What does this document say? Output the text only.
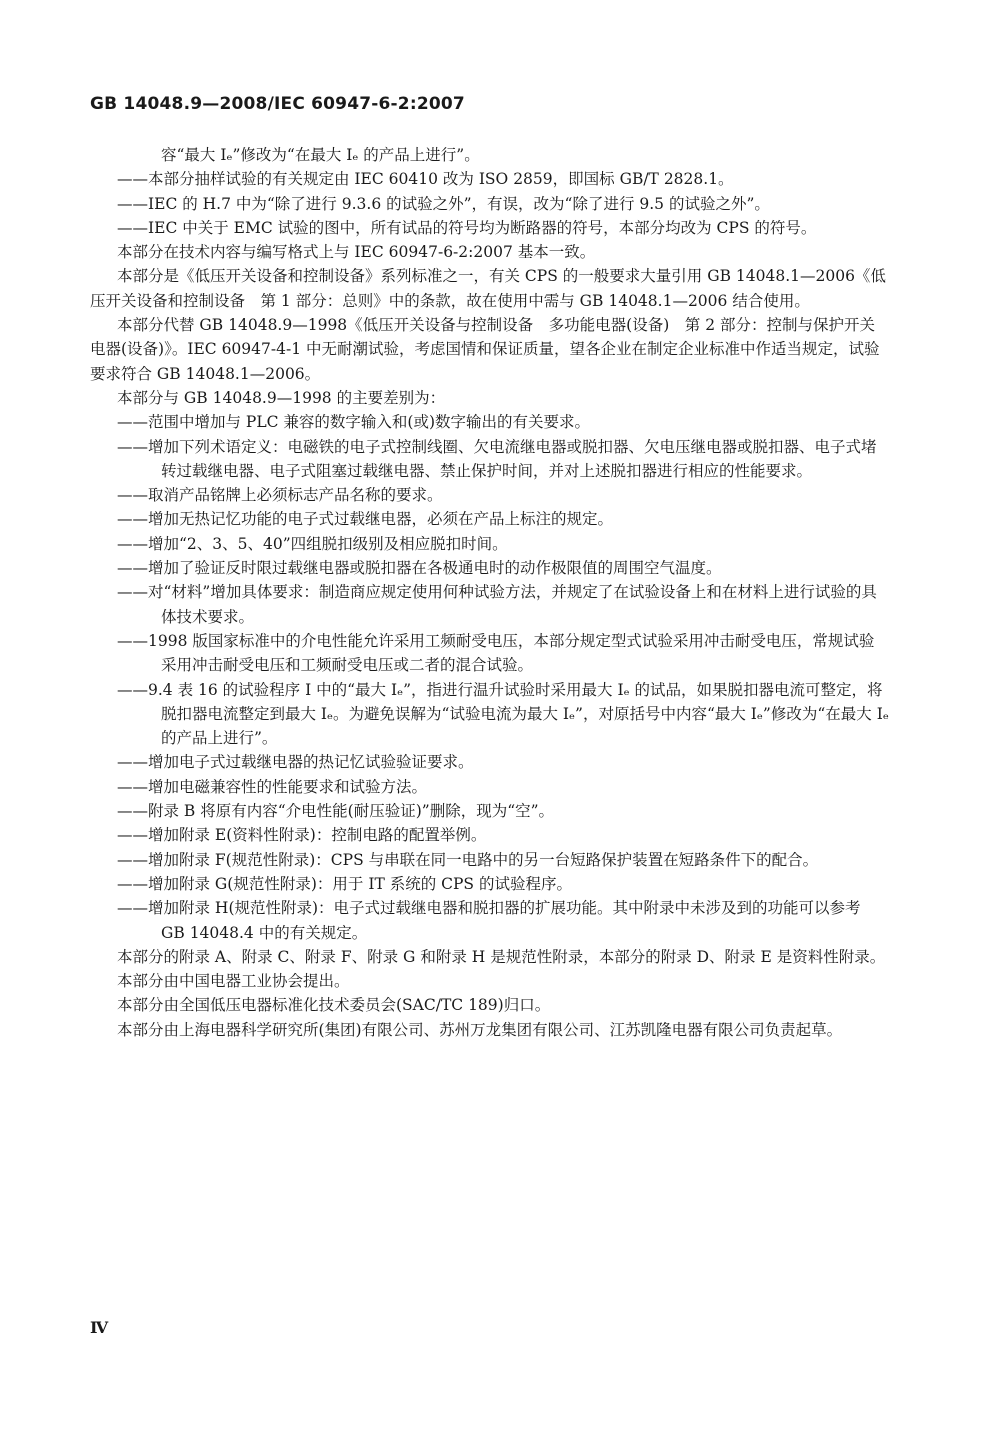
GB 14048.9—2008/IEC 60947-6-2:2007

容“最大 Iₑ”修改为“在最大 Iₑ 的产品上进行”。

——本部分抽样试验的有关规定由 IEC 60410 改为 ISO 2859，即国标 GB/T 2828.1。

——IEC 的 H.7 中为“除了进行 9.3.6 的试验之外”，有误，改为“除了进行 9.5 的试验之外”。

——IEC 中关于 EMC 试验的图中，所有试品的符号均为断路器的符号，本部分均改为 CPS 的符号。

本部分在技术内容与编写格式上与 IEC 60947-6-2:2007 基本一致。

本部分是《低压开关设备和控制设备》系列标准之一，有关 CPS 的一般要求大量引用 GB 14048.1—2006《低压开关设备和控制设备　第 1 部分：总则》中的条款，故在使用中需与 GB 14048.1—2006 结合使用。

本部分代替 GB 14048.9—1998《低压开关设备与控制设备　多功能电器(设备)　第 2 部分：控制与保护开关电器(设备)》。IEC 60947-4-1 中无耐潮试验，考虑国情和保证质量，望各企业在制定企业标准中作适当规定，试验要求符合 GB 14048.1—2006。

本部分与 GB 14048.9—1998 的主要差别为：

——范围中增加与 PLC 兼容的数字输入和(或)数字输出的有关要求。

——增加下列术语定义：电磁铁的电子式控制线圈、欠电流继电器或脱扣器、欠电压继电器或脱扣器、电子式堵转过载继电器、电子式阻塞过载继电器、禁止保护时间，并对上述脱扣器进行相应的性能要求。

——取消产品铭牌上必须标志产品名称的要求。

——增加无热记忆功能的电子式过载继电器，必须在产品上标注的规定。

——增加“2、3、5、40”四组脱扣级别及相应脱扣时间。

——增加了验证反时限过载继电器或脱扣器在各极通电时的动作极限值的周围空气温度。

——对“材料”增加具体要求：制造商应规定使用何种试验方法，并规定了在试验设备上和在材料上进行试验的具体技术要求。

——1998 版国家标准中的介电性能允许采用工频耐受电压，本部分规定型式试验采用冲击耐受电压，常规试验采用冲击耐受电压和工频耐受电压或二者的混合试验。

——9.4 表 16 的试验程序 I 中的“最大 Iₑ”，指进行温升试验时采用最大 Iₑ 的试品，如果脱扣器电流可整定，将脱扣器电流整定到最大 Iₑ。为避免误解为“试验电流为最大 Iₑ”，对原括号中内容“最大 Iₑ”修改为“在最大 Iₑ 的产品上进行”。

——增加电子式过载继电器的热记忆试验验证要求。

——增加电磁兼容性的性能要求和试验方法。

——附录 B 将原有内容“介电性能(耐压验证)”删除，现为“空”。

——增加附录 E(资料性附录)：控制电路的配置举例。

——增加附录 F(规范性附录)：CPS 与串联在同一电路中的另一台短路保护装置在短路条件下的配合。

——增加附录 G(规范性附录)：用于 IT 系统的 CPS 的试验程序。

——增加附录 H(规范性附录)：电子式过载继电器和脱扣器的扩展功能。其中附录中未涉及到的功能可以参考 GB 14048.4 中的有关规定。

本部分的附录 A、附录 C、附录 F、附录 G 和附录 H 是规范性附录，本部分的附录 D、附录 E 是资料性附录。

本部分由中国电器工业协会提出。

本部分由全国低压电器标准化技术委员会(SAC/TC 189)归口。

本部分由上海电器科学研究所(集团)有限公司、苏州万龙集团有限公司、江苏凯隆电器有限公司负责起草。

Ⅳ
